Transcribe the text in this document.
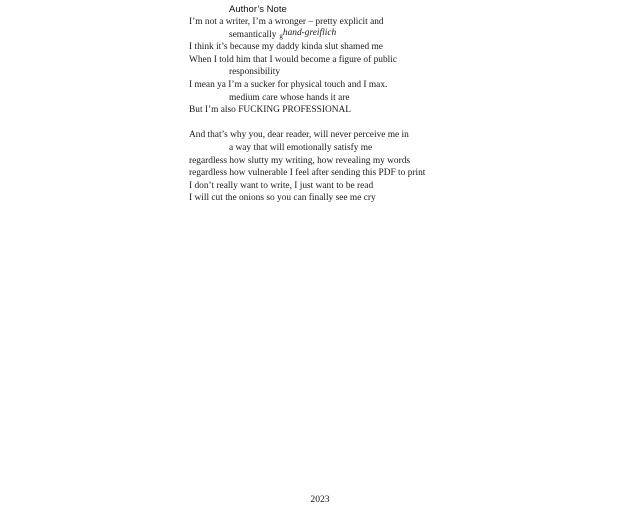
Author’s Note
I’m not a writer, I’m a wronger – pretty explicit and
semantically ghand-greiflich
I think it’s because my daddy kinda slut shamed me
When I told him that I would become a figure of public
responsibility
I mean ya I’m a sucker for physical touch and I max.
medium care whose hands it are
But I’m also FUCKING PROFESSIONAL
And that’s why you, dear reader, will never perceive me in
a way that will emotionally satisfy me
regardless how slutty my writing, how revealing my words
regardless how vulnerable I feel after sending this PDF to print
I don’t really want to write, I just want to be read
I will cut the onions so you can finally see me cry
2023
